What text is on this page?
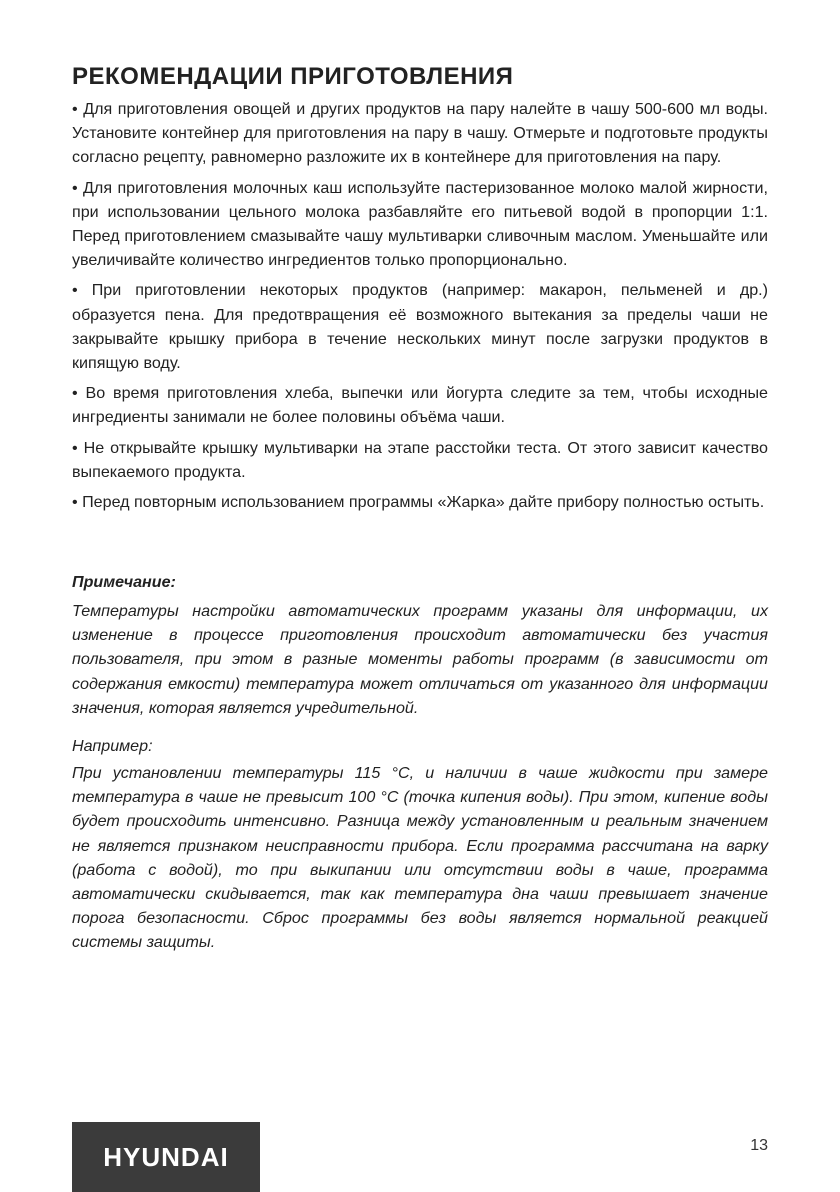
РЕКОМЕНДАЦИИ ПРИГОТОВЛЕНИЯ

• Для приготовления овощей и других продуктов на пару налейте в чашу 500-600 мл воды. Установите контейнер для приготовления на пару в чашу. Отмерьте и подготовьте продукты согласно рецепту, равномерно разложите их в контейнере для приготовления на пару.

• Для приготовления молочных каш используйте пастеризованное молоко малой жирности, при использовании цельного молока разбавляйте его питьевой водой в пропорции 1:1. Перед приготовлением смазывайте чашу мультиварки сливочным маслом. Уменьшайте или увеличивайте количество ингредиентов только пропорционально.

• При приготовлении некоторых продуктов (например: макарон, пельменей и др.) образуется пена. Для предотвращения её возможного вытекания за пределы чаши не закрывайте крышку прибора в течение нескольких минут после загрузки продуктов в кипящую воду.

• Во время приготовления хлеба, выпечки или йогурта следите за тем, чтобы исходные ингредиенты занимали не более половины объёма чаши.

• Не открывайте крышку мультиварки на этапе расстойки теста. От этого зависит качество выпекаемого продукта.

• Перед повторным использованием программы «Жарка» дайте прибору полностью остыть.

Примечание:

Температуры настройки автоматических программ указаны для информации, их изменение в процессе приготовления происходит автоматически без участия пользователя, при этом в разные моменты работы программ (в зависимости от содержания емкости) температура может отличаться от указанного для информации значения, которая является учредительной.

Например:

При установлении температуры 115 °С, и наличии в чаше жидкости при замере температура в чаше не превысит 100 °С (точка кипения воды). При этом, кипение воды будет происходить интенсивно. Разница между установленным и реальным значением не является признаком неисправности прибора. Если программа рассчитана на варку (работа с водой), то при выкипании или отсутствии воды в чаше, программа автоматически скидывается, так как температура дна чаши превышает значение порога безопасности. Сброс программы без воды является нормальной реакцией системы защиты.

HYUNDAI	13
